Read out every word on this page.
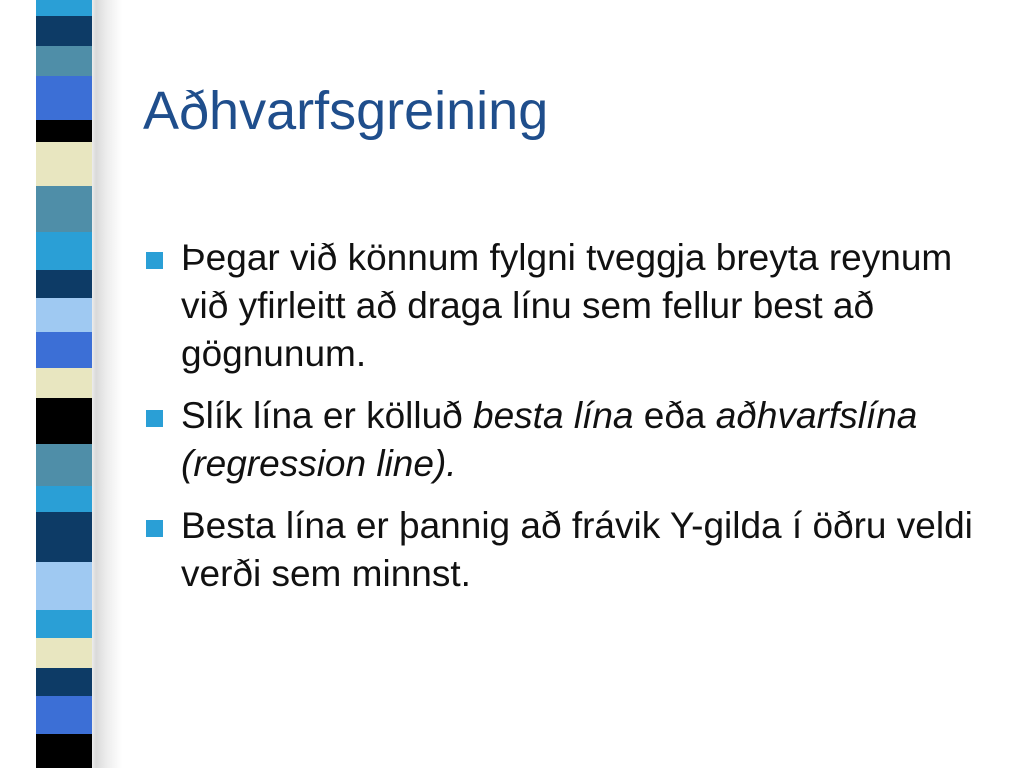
Aðhvarfsgreining
Þegar við könnum fylgni tveggja breyta reynum við yfirleitt að draga línu sem fellur best að gögnunum.
Slík lína er kölluð besta lína eða aðhvarfslína (regression line).
Besta lína er þannig að frávik Y-gilda í öðru veldi verði sem minnst.
